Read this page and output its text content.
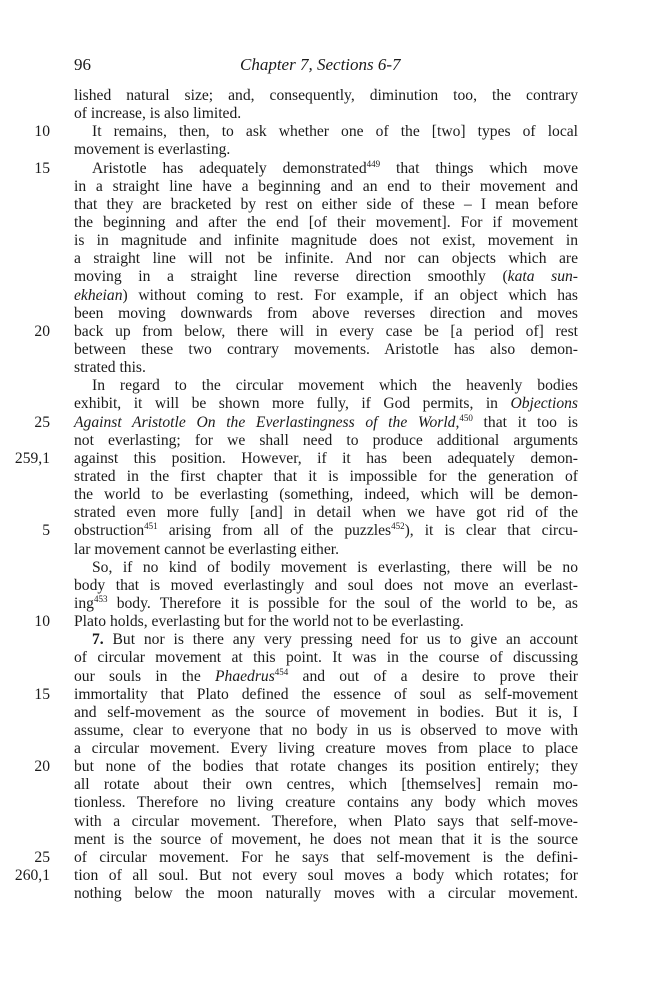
96	Chapter 7, Sections 6-7
lished natural size; and, consequently, diminution too, the contrary
of increase, is also limited.
10	It remains, then, to ask whether one of the [two] types of local
movement is everlasting.
15	Aristotle has adequately demonstrated$^{449}$ that things which move
in a straight line have a beginning and an end to their movement and
that they are bracketed by rest on either side of these – I mean before
the beginning and after the end [of their movement]. For if movement
is in magnitude and infinite magnitude does not exist, movement in
a straight line will not be infinite. And nor can objects which are
moving in a straight line reverse direction smoothly (kata sun-
ekheian) without coming to rest. For example, if an object which has
been moving downwards from above reverses direction and moves
20 back up from below, there will in every case be [a period of] rest
between these two contrary movements. Aristotle has also demon-
strated this.
In regard to the circular movement which the heavenly bodies
exhibit, it will be shown more fully, if God permits, in Objections
25 Against Aristotle On the Everlastingness of the World,$^{450}$ that it too is
not everlasting; for we shall need to produce additional arguments
259,1 against this position. However, if it has been adequately demon-
strated in the first chapter that it is impossible for the generation of
the world to be everlasting (something, indeed, which will be demon-
strated even more fully [and] in detail when we have got rid of the
5 obstruction$^{451}$ arising from all of the puzzles$^{452}$), it is clear that circu-
lar movement cannot be everlasting either.
So, if no kind of bodily movement is everlasting, there will be no
body that is moved everlastingly and soul does not move an everlast-
ing$^{453}$ body. Therefore it is possible for the soul of the world to be, as
10 Plato holds, everlasting but for the world not to be everlasting.
7. But nor is there any very pressing need for us to give an account
of circular movement at this point. It was in the course of discussing
our souls in the Phaedrus$^{454}$ and out of a desire to prove their
15 immortality that Plato defined the essence of soul as self-movement
and self-movement as the source of movement in bodies. But it is, I
assume, clear to everyone that no body in us is observed to move with
a circular movement. Every living creature moves from place to place
20 but none of the bodies that rotate changes its position entirely; they
all rotate about their own centres, which [themselves] remain mo-
tionless. Therefore no living creature contains any body which moves
with a circular movement. Therefore, when Plato says that self-move-
ment is the source of movement, he does not mean that it is the source
25 of circular movement. For he says that self-movement is the defini-
260,1 tion of all soul. But not every soul moves a body which rotates; for
nothing below the moon naturally moves with a circular movement.
